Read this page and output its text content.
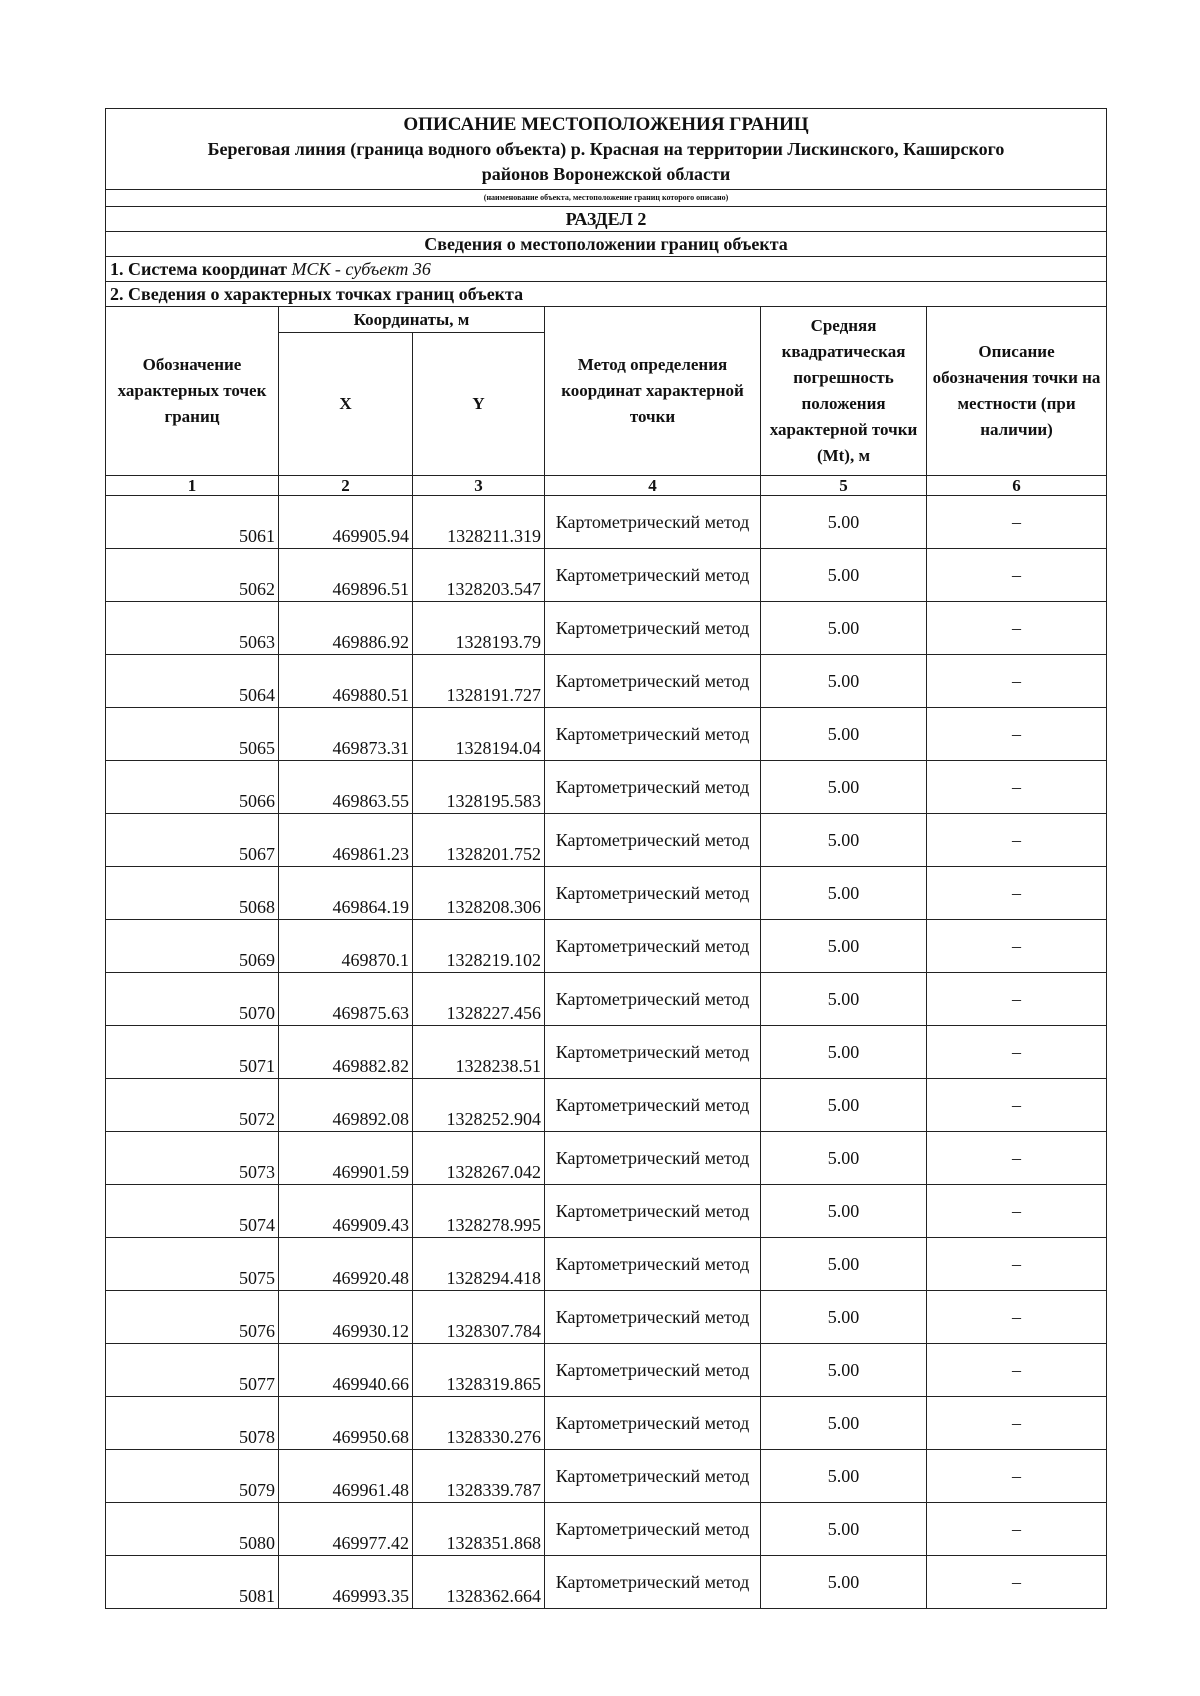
ОПИСАНИЕ МЕСТОПОЛОЖЕНИЯ ГРАНИЦ					

Береговая линия (граница водного объекта) р. Красная на территории Лискинского, Каширского
районов Воронежской области					

(наименование объекта, местоположение границ которого описано)					
РАЗДЕЛ 2					
Сведения о местоположении границ объекта					
1. Система координат МСК - субъект 36					
2. Сведения о характерных точках границ объекта					
Обозначение характерных точек границ	Координаты, м		Метод определения координат характерной точки	Средняя квадратическая погрешность положения характерной точки (Mt), м	Описание обозначения точки на местности (при наличии)
	X	Y			
1	2	3	4	5	6
5061	469905.94	1328211.319	Картометрический метод	5.00	–
5062	469896.51	1328203.547	Картометрический метод	5.00	–
5063	469886.92	1328193.79	Картометрический метод	5.00	–
5064	469880.51	1328191.727	Картометрический метод	5.00	–
5065	469873.31	1328194.04	Картометрический метод	5.00	–
5066	469863.55	1328195.583	Картометрический метод	5.00	–
5067	469861.23	1328201.752	Картометрический метод	5.00	–
5068	469864.19	1328208.306	Картометрический метод	5.00	–
5069	469870.1	1328219.102	Картометрический метод	5.00	–
5070	469875.63	1328227.456	Картометрический метод	5.00	–
5071	469882.82	1328238.51	Картометрический метод	5.00	–
5072	469892.08	1328252.904	Картометрический метод	5.00	–
5073	469901.59	1328267.042	Картометрический метод	5.00	–
5074	469909.43	1328278.995	Картометрический метод	5.00	–
5075	469920.48	1328294.418	Картометрический метод	5.00	–
5076	469930.12	1328307.784	Картометрический метод	5.00	–
5077	469940.66	1328319.865	Картометрический метод	5.00	–
5078	469950.68	1328330.276	Картометрический метод	5.00	–
5079	469961.48	1328339.787	Картометрический метод	5.00	–
5080	469977.42	1328351.868	Картометрический метод	5.00	–
5081	469993.35	1328362.664	Картометрический метод	5.00	–
